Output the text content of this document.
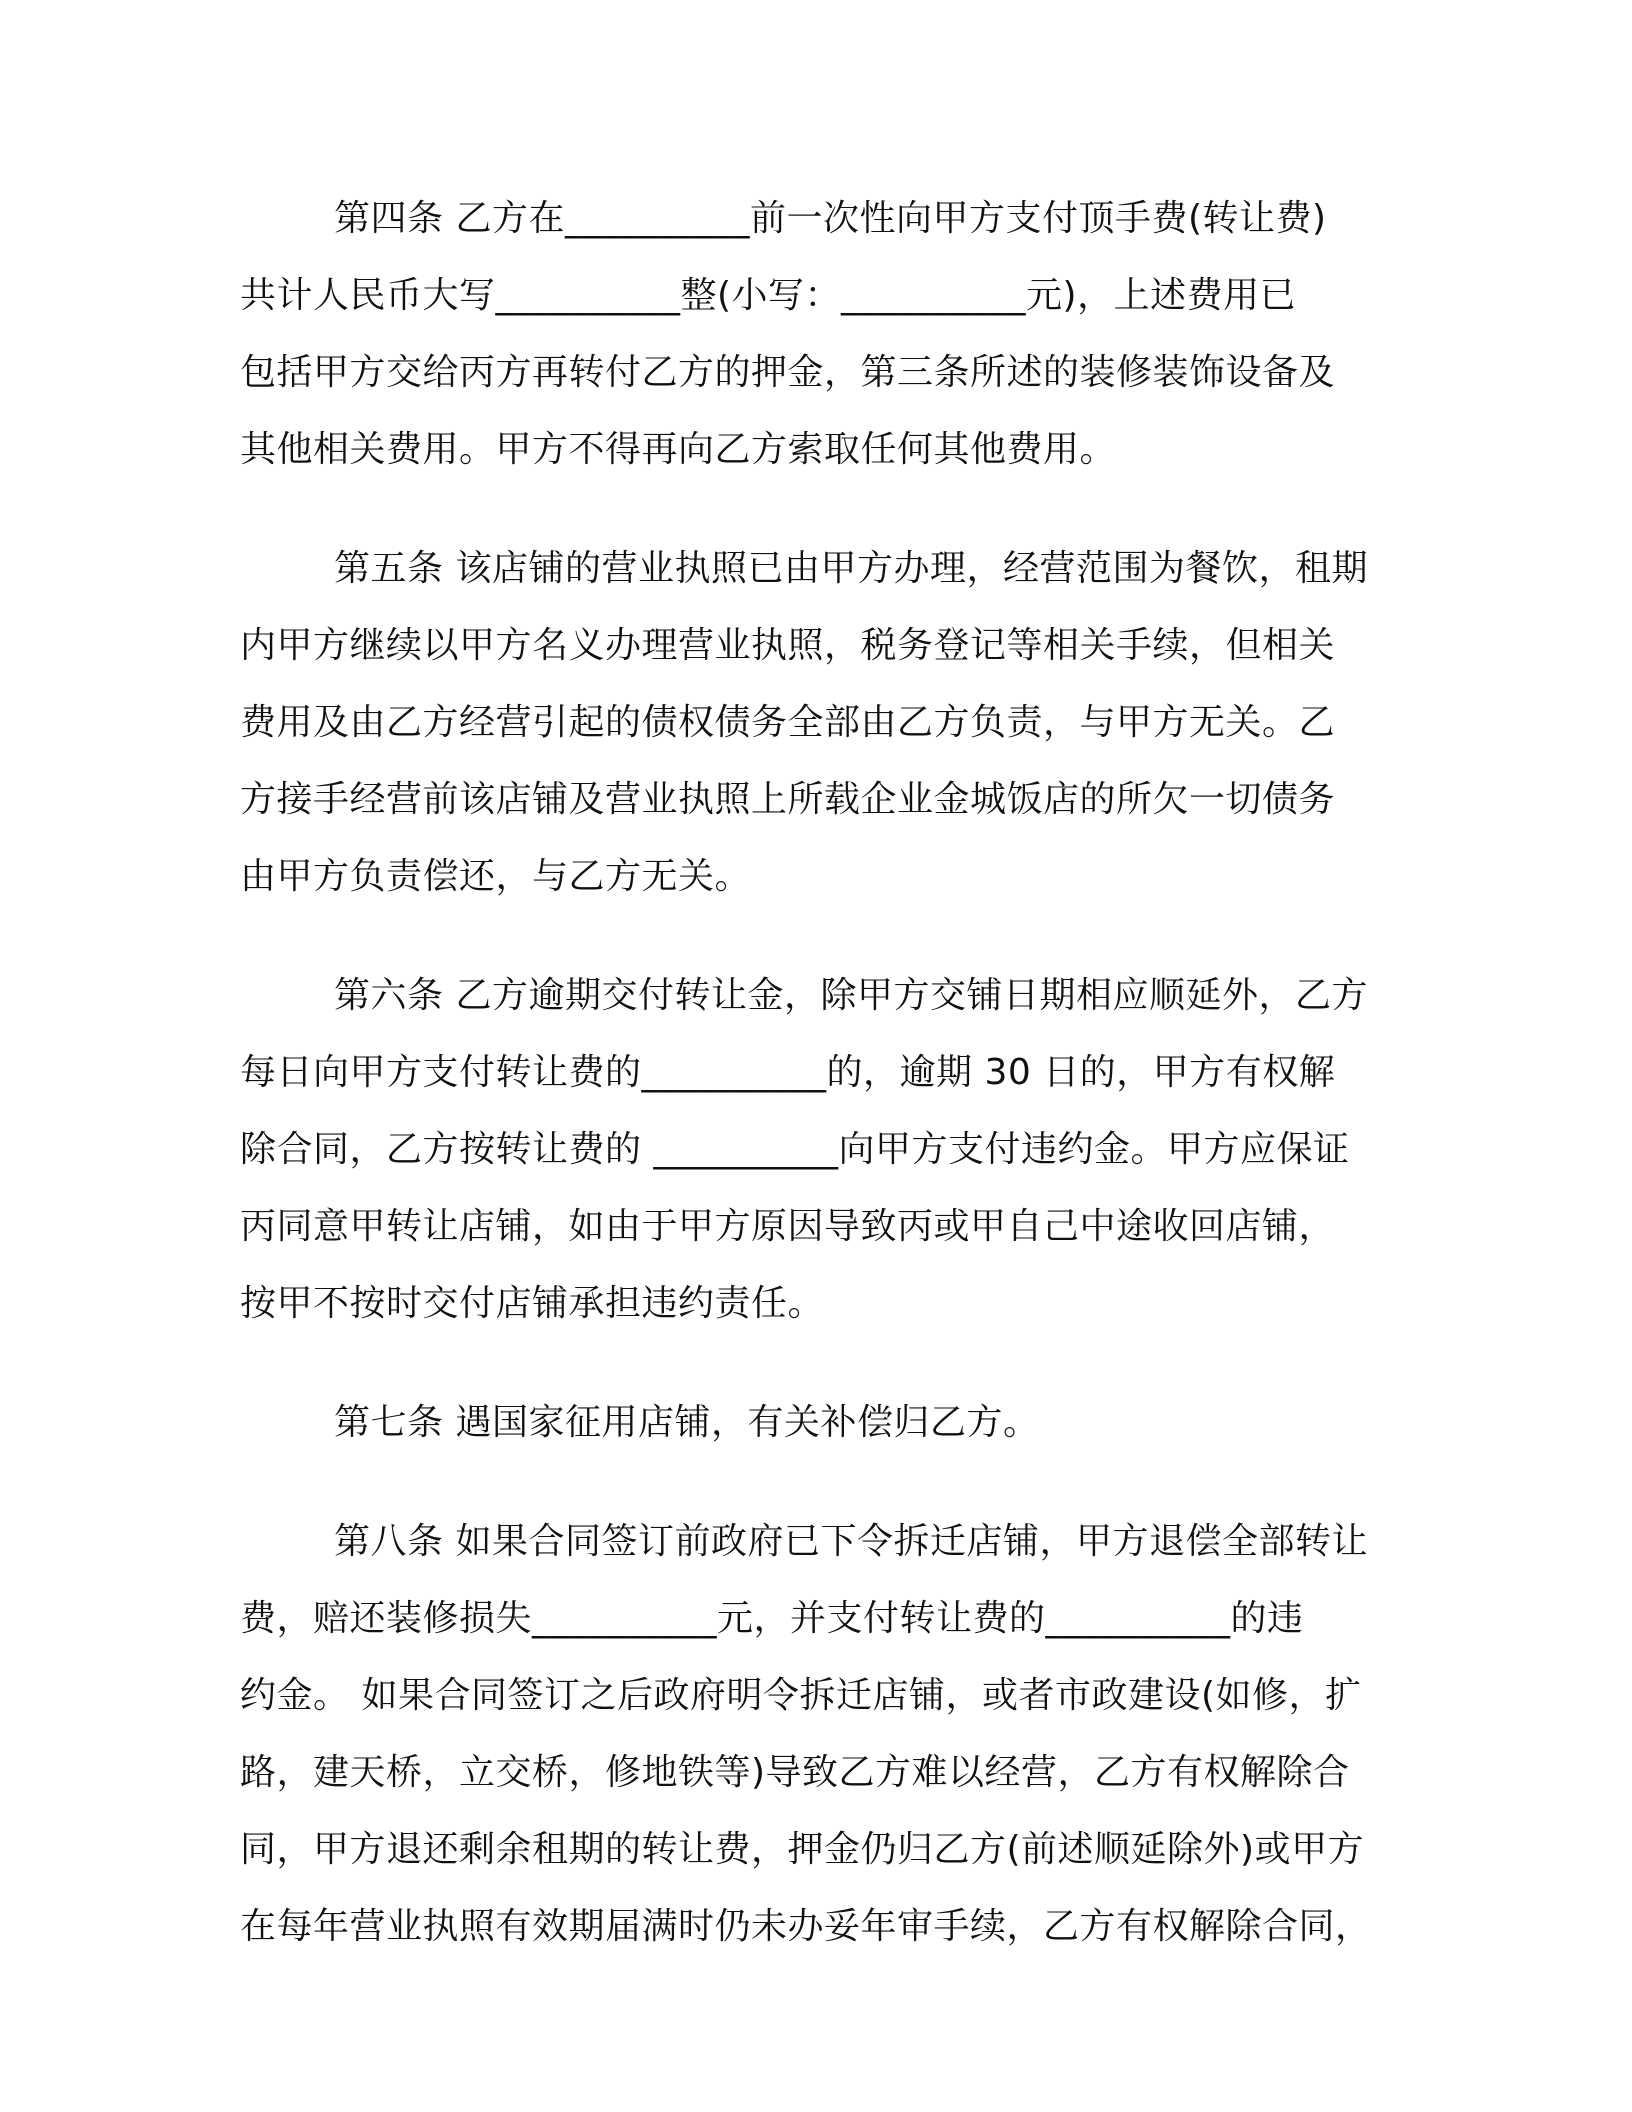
第四条 乙方在__________前一次性向甲方支付顶手费(转让费)
共计人民币大写__________整(小写：__________元)，上述费用已
包括甲方交给丙方再转付乙方的押金，第三条所述的装修装饰设备及
其他相关费用。甲方不得再向乙方索取任何其他费用。
第五条 该店铺的营业执照已由甲方办理，经营范围为餐饮，租期
内甲方继续以甲方名义办理营业执照，税务登记等相关手续，但相关
费用及由乙方经营引起的债权债务全部由乙方负责，与甲方无关。乙
方接手经营前该店铺及营业执照上所载企业金城饭店的所欠一切债务
由甲方负责偿还，与乙方无关。
第六条 乙方逾期交付转让金，除甲方交铺日期相应顺延外，乙方
每日向甲方支付转让费的__________的，逾期 30 日的，甲方有权解
除合同，乙方按转让费的 __________向甲方支付违约金。甲方应保证
丙同意甲转让店铺，如由于甲方原因导致丙或甲自己中途收回店铺，
按甲不按时交付店铺承担违约责任。
第七条 遇国家征用店铺，有关补偿归乙方。
第八条 如果合同签订前政府已下令拆迁店铺，甲方退偿全部转让
费，赔还装修损失__________元，并支付转让费的__________的违
约金。 如果合同签订之后政府明令拆迁店铺，或者市政建设(如修，扩
路，建天桥，立交桥，修地铁等)导致乙方难以经营，乙方有权解除合
同，甲方退还剩余租期的转让费，押金仍归乙方(前述顺延除外)或甲方
在每年营业执照有效期届满时仍未办妥年审手续，乙方有权解除合同，
